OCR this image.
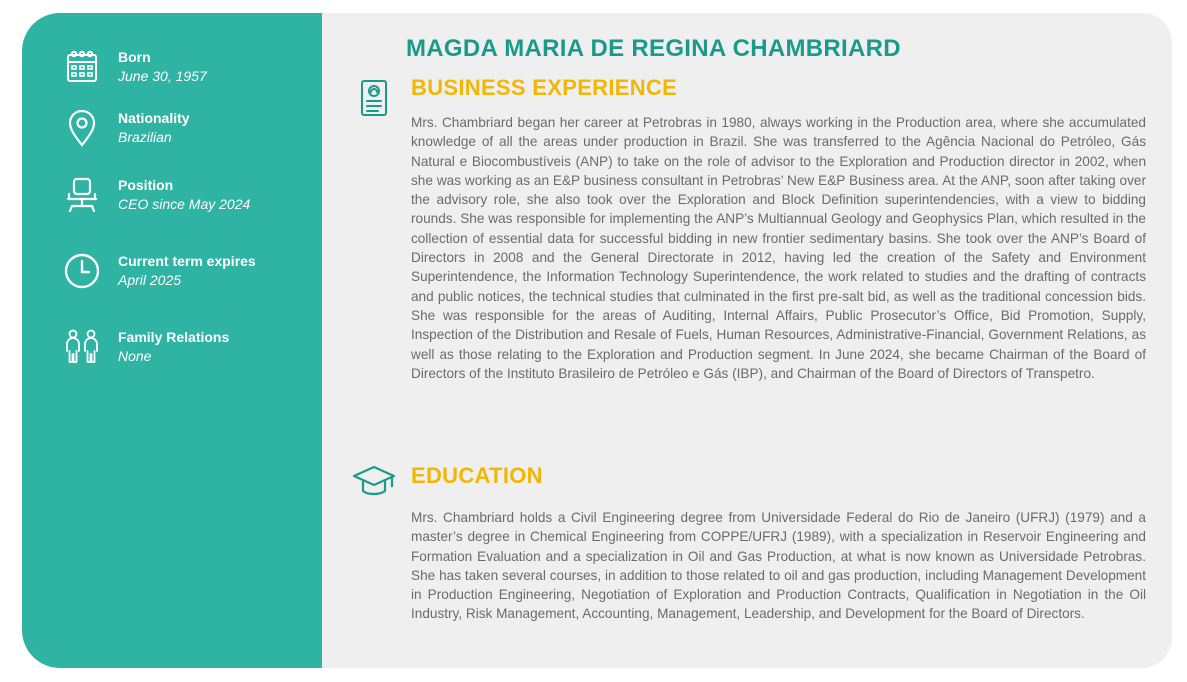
Born
June 30, 1957
Nationality
Brazilian
Position
CEO since May 2024
Current term expires
April 2025
Family Relations
None
MAGDA MARIA DE REGINA CHAMBRIARD
BUSINESS EXPERIENCE

Mrs. Chambriard began her career at Petrobras in 1980, always working in the Production area, where she accumulated knowledge of all the areas under production in Brazil. She was transferred to the Agência Nacional do Petróleo, Gás Natural e Biocombustíveis (ANP) to take on the role of advisor to the Exploration and Production director in 2002, when she was working as an E&P business consultant in Petrobras’ New E&P Business area. At the ANP, soon after taking over the advisory role, she also took over the Exploration and Block Definition superintendencies, with a view to bidding rounds. She was responsible for implementing the ANP’s Multiannual Geology and Geophysics Plan, which resulted in the collection of essential data for successful bidding in new frontier sedimentary basins. She took over the ANP’s Board of Directors in 2008 and the General Directorate in 2012, having led the creation of the Safety and Environment Superintendence, the Information Technology Superintendence, the work related to studies and the drafting of contracts and public notices, the technical studies that culminated in the first pre-salt bid, as well as the traditional concession bids. She was responsible for the areas of Auditing, Internal Affairs, Public Prosecutor’s Office, Bid Promotion, Supply, Inspection of the Distribution and Resale of Fuels, Human Resources, Administrative-Financial, Government Relations, as well as those relating to the Exploration and Production segment. In June 2024, she became Chairman of the Board of Directors of the Instituto Brasileiro de Petróleo e Gás (IBP), and Chairman of the Board of Directors of Transpetro.

EDUCATION

Mrs. Chambriard holds a Civil Engineering degree from Universidade Federal do Rio de Janeiro (UFRJ) (1979) and a master’s degree in Chemical Engineering from COPPE/UFRJ (1989), with a specialization in Reservoir Engineering and Formation Evaluation and a specialization in Oil and Gas Production, at what is now known as Universidade Petrobras. She has taken several courses, in addition to those related to oil and gas production, including Management Development in Production Engineering, Negotiation of Exploration and Production Contracts, Qualification in Negotiation in the Oil Industry, Risk Management, Accounting, Management, Leadership, and Development for the Board of Directors.
